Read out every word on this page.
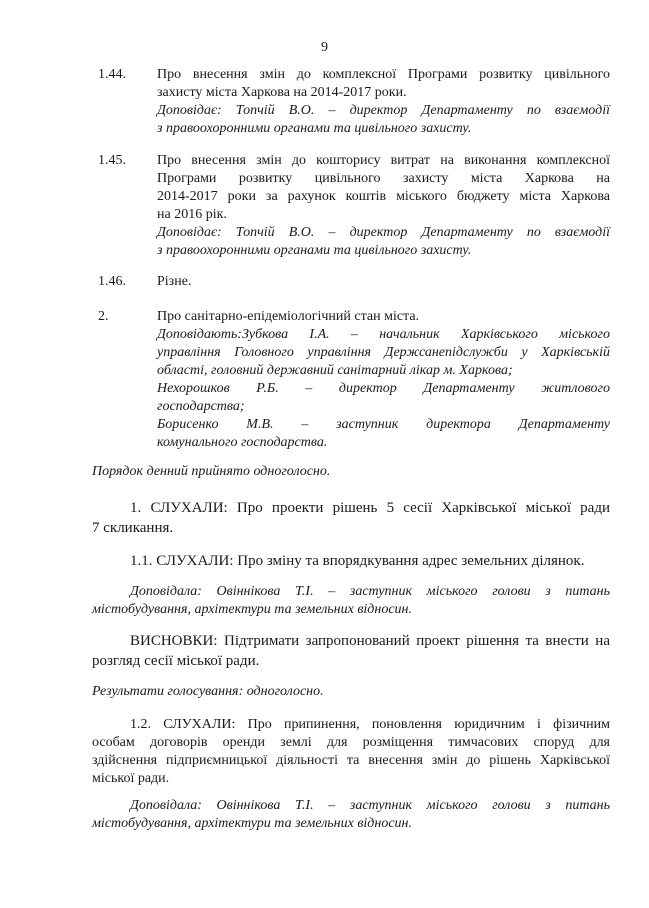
9
1.44.	Про внесення змін до комплексної Програми розвитку цивільного
захисту міста Харкова на 2014-2017 роки.
Доповідає: Топчій В.О. – директор Департаменту по взаємодії
з правоохоронними органами та цивільного захисту.
1.45.	Про внесення змін до кошторису витрат на виконання комплексної
Програми розвитку цивільного захисту міста Харкова на
2014-2017 роки за рахунок коштів міського бюджету міста Харкова
на 2016 рік.
Доповідає: Топчій В.О. – директор Департаменту по взаємодії
з правоохоронними органами та цивільного захисту.
1.46.	Різне.
2.	Про санітарно-епідеміологічний стан міста.
Доповідають:Зубкова І.А. – начальник Харківського міського
управління Головного управління Держсанепідслужби у Харківській
області, головний державний санітарний лікар м. Харкова;
Нехорошков Р.Б. – директор Департаменту житлового
господарства;
Борисенко М.В. – заступник директора Департаменту
комунального господарства.
Порядок денний прийнято одноголосно.
1. СЛУХАЛИ: Про проекти рішень 5 сесії Харківської міської ради
7 скликання.
1.1. СЛУХАЛИ: Про зміну та впорядкування адрес земельних ділянок.
Доповідала: Овіннікова Т.І. – заступник міського голови з питань
містобудування, архітектури та земельних відносин.
ВИСНОВКИ: Підтримати запропонований проект рішення та внести на
розгляд сесії міської ради.
Результати голосування: одноголосно.
1.2. СЛУХАЛИ: Про припинення, поновлення юридичним і фізичним
особам договорів оренди землі для розміщення тимчасових споруд для
здійснення підприємницької діяльності та внесення змін до рішень Харківської
міської ради.
Доповідала: Овіннікова Т.І. – заступник міського голови з питань
містобудування, архітектури та земельних відносин.
